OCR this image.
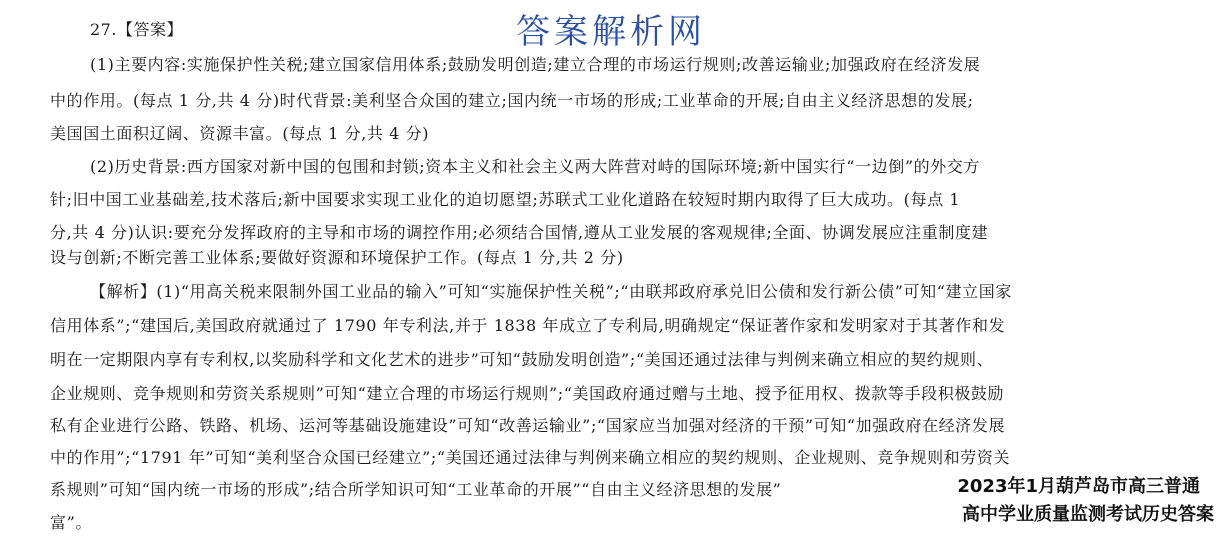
27.【答案】	答案解析网
(1)主要内容:实施保护性关税;建立国家信用体系;鼓励发明创造;建立合理的市场运行规则;改善运输业;加强政府在经济发展
中的作用。(每点 1 分,共 4 分)时代背景:美利坚合众国的建立;国内统一市场的形成;工业革命的开展;自由主义经济思想的发展;
美国国土面积辽阔、资源丰富。(每点 1 分,共 4 分)
(2)历史背景:西方国家对新中国的包围和封锁;资本主义和社会主义两大阵营对峙的国际环境;新中国实行“一边倒”的外交方
针;旧中国工业基础差,技术落后;新中国要求实现工业化的迫切愿望;苏联式工业化道路在较短时期内取得了巨大成功。(每点 1
分,共 4 分)认识:要充分发挥政府的主导和市场的调控作用;必须结合国情,遵从工业发展的客观规律;全面、协调发展应注重制度建
设与创新;不断完善工业体系;要做好资源和环境保护工作。(每点 1 分,共 2 分)
【解析】(1)“用高关税来限制外国工业品的输入”可知“实施保护性关税”;“由联邦政府承兑旧公债和发行新公债”可知“建立国家
信用体系”;“建国后,美国政府就通过了 1790 年专利法,并于 1838 年成立了专利局,明确规定“保证著作家和发明家对于其著作和发
明在一定期限内享有专利权,以奖励科学和文化艺术的进步”可知“鼓励发明创造”;“美国还通过法律与判例来确立相应的契约规则、
企业规则、竞争规则和劳资关系规则”可知“建立合理的市场运行规则”;“美国政府通过赠与土地、授予征用权、拨款等手段积极鼓励
私有企业进行公路、铁路、机场、运河等基础设施建设”可知“改善运输业”;“国家应当加强对经济的干预”可知“加强政府在经济发展
中的作用”;“1791 年”可知“美利坚合众国已经建立”;“美国还通过法律与判例来确立相应的契约规则、企业规则、竞争规则和劳资关
系规则”可知“国内统一市场的形成”;结合所学知识可知“工业革命的开展”“自由主义经济思想的发展”
富”。
2023年1月葫芦岛市高三普通
高中学业质量监测考试历史答案
